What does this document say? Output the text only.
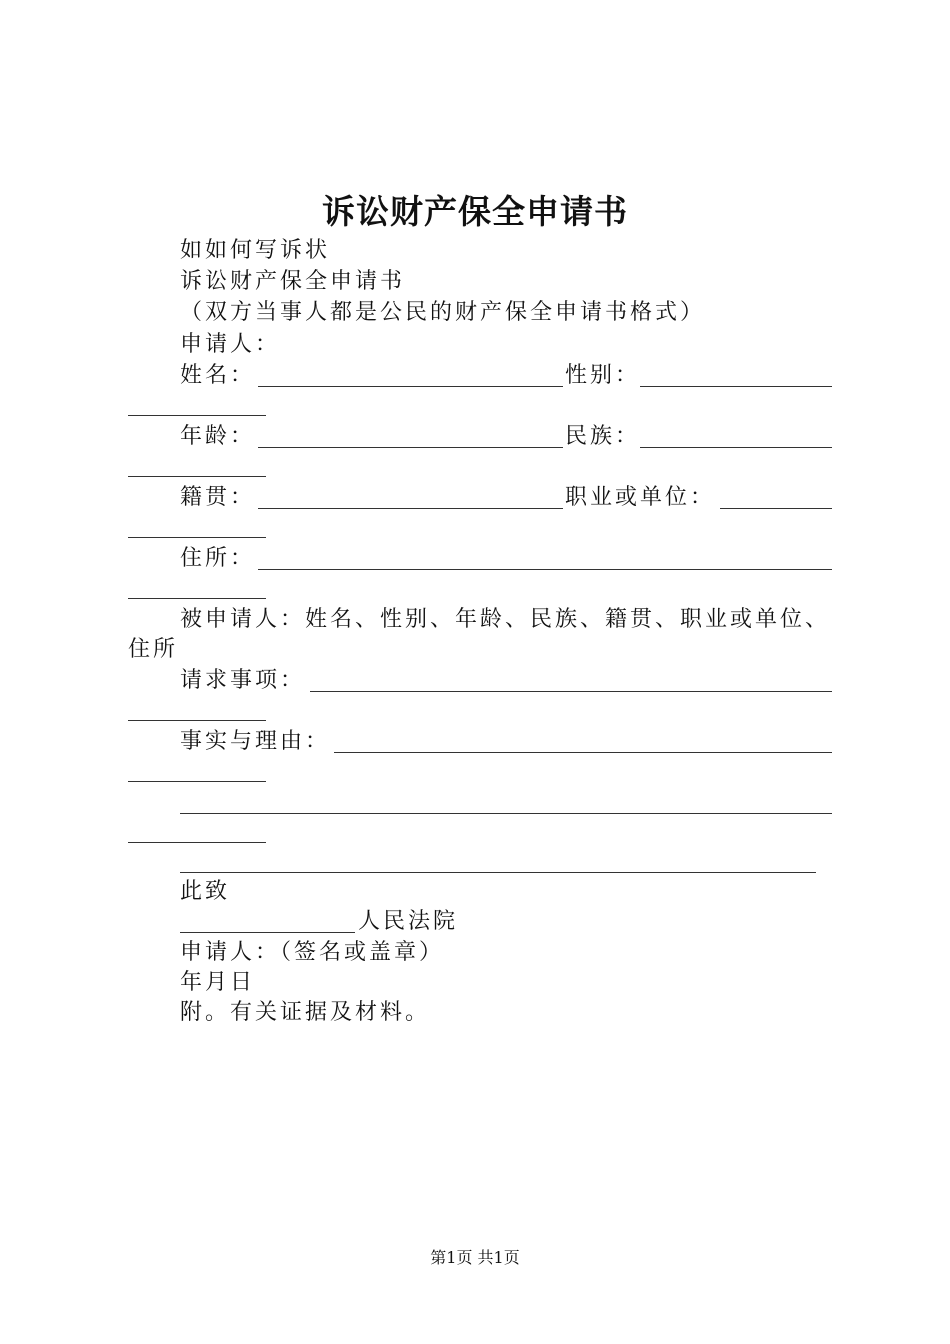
诉讼财产保全申请书
如如何写诉状
诉讼财产保全申请书
（双方当事人都是公民的财产保全申请书格式）
申请人：
姓名：	性别：
年龄：	民族：
籍贯：	职业或单位：
住所：
被申请人：姓名、性别、年龄、民族、籍贯、职业或单位、
住所
请求事项：
事实与理由：
此致
人民法院
申请人：（签名或盖章）
年月日
附。有关证据及材料。
第1页 共1页
